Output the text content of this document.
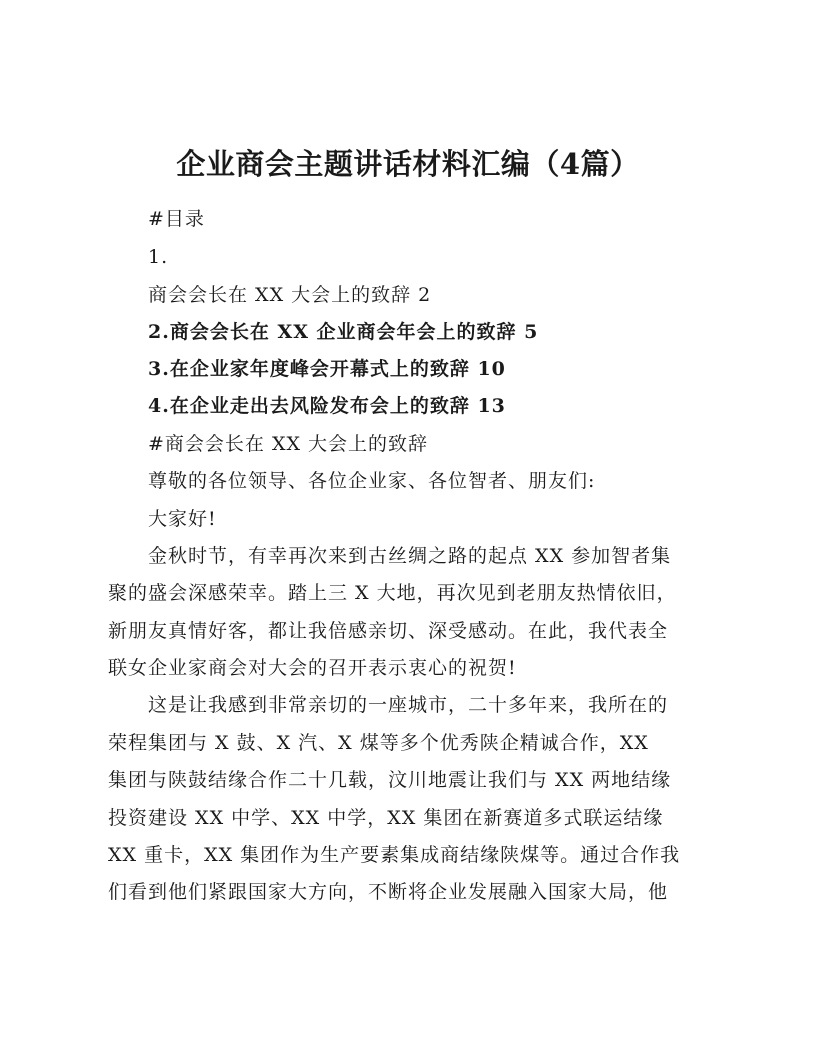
企业商会主题讲话材料汇编（4篇）
#目录
1.
商会会长在 XX 大会上的致辞 2
2.商会会长在 XX 企业商会年会上的致辞 5
3.在企业家年度峰会开幕式上的致辞 10
4.在企业走出去风险发布会上的致辞 13
#商会会长在 XX 大会上的致辞
尊敬的各位领导、各位企业家、各位智者、朋友们:
大家好!
金秋时节，有幸再次来到古丝绸之路的起点 XX 参加智者集
聚的盛会深感荣幸。踏上三 X 大地，再次见到老朋友热情依旧，
新朋友真情好客，都让我倍感亲切、深受感动。在此，我代表全
联女企业家商会对大会的召开表示衷心的祝贺!
这是让我感到非常亲切的一座城市，二十多年来，我所在的
荣程集团与 X 鼓、X 汽、X 煤等多个优秀陕企精诚合作，XX
集团与陕鼓结缘合作二十几载，汶川地震让我们与 XX 两地结缘
投资建设 XX 中学、XX 中学，XX 集团在新赛道多式联运结缘
XX 重卡，XX 集团作为生产要素集成商结缘陕煤等。通过合作我
们看到他们紧跟国家大方向，不断将企业发展融入国家大局，他
